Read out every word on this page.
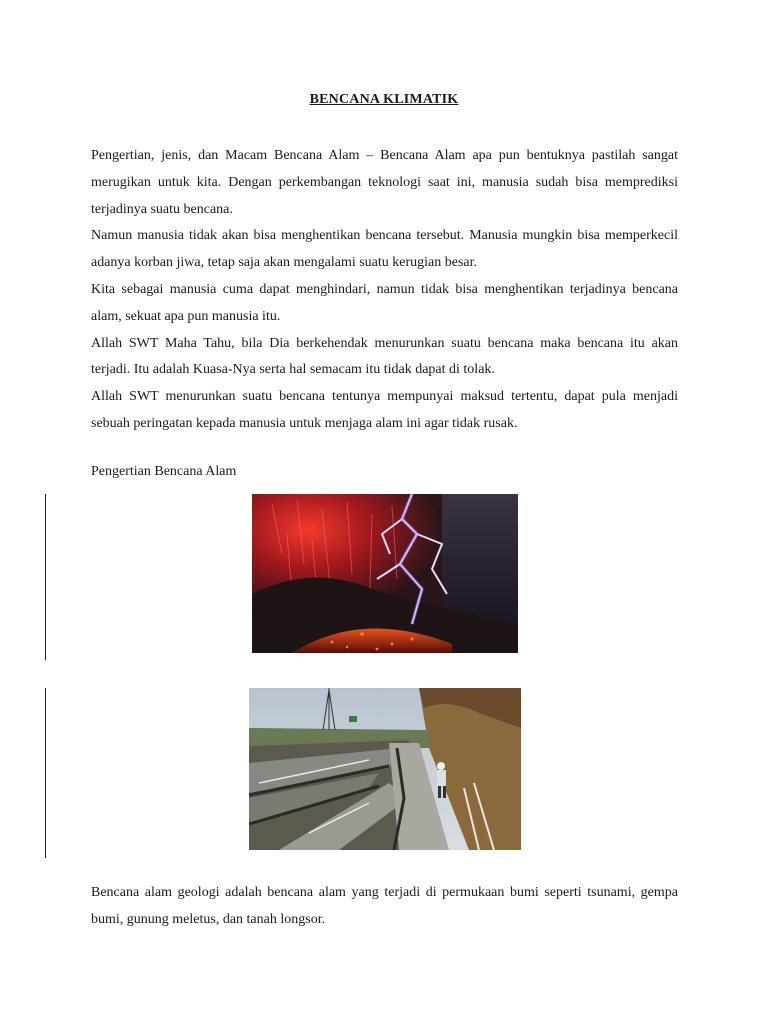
BENCANA KLIMATIK

Pengertian, jenis, dan Macam Bencana Alam – Bencana Alam apa pun bentuknya pastilah sangat merugikan untuk kita. Dengan perkembangan teknologi saat ini, manusia sudah bisa memprediksi terjadinya suatu bencana.

Namun manusia tidak akan bisa menghentikan bencana tersebut. Manusia mungkin bisa memperkecil adanya korban jiwa, tetap saja akan mengalami suatu kerugian besar.

Kita sebagai manusia cuma dapat menghindari, namun tidak bisa menghentikan terjadinya bencana alam, sekuat apa pun manusia itu.

Allah SWT Maha Tahu, bila Dia berkehendak menurunkan suatu bencana maka bencana itu akan terjadi. Itu adalah Kuasa-Nya serta hal semacam itu tidak dapat di tolak.

Allah SWT menurunkan suatu bencana tentunya mempunyai maksud tertentu, dapat pula menjadi sebuah peringatan kepada manusia untuk menjaga alam ini agar tidak rusak.

Pengertian Bencana Alam

Bencana alam geologi adalah bencana alam yang terjadi di permukaan bumi seperti tsunami, gempa bumi, gunung meletus, dan tanah longsor.
